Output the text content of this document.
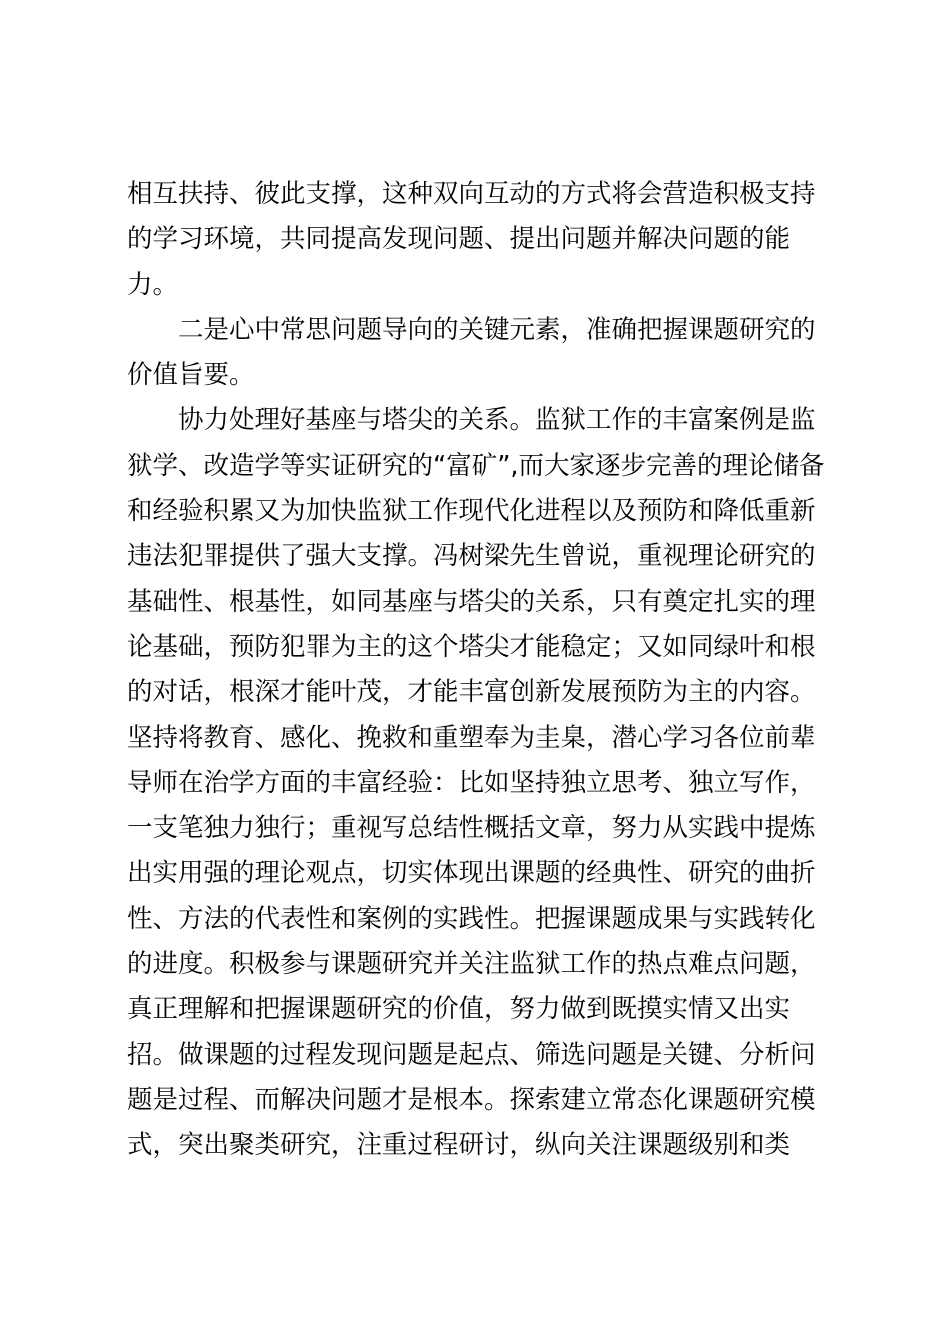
相互扶持、彼此支撑，这种双向互动的方式将会营造积极支持
的学习环境，共同提高发现问题、提出问题并解决问题的能
力。
二是心中常思问题导向的关键元素，准确把握课题研究的
价值旨要。
协力处理好基座与塔尖的关系。监狱工作的丰富案例是监
狱学、改造学等实证研究的“富矿”,而大家逐步完善的理论储备
和经验积累又为加快监狱工作现代化进程以及预防和降低重新
违法犯罪提供了强大支撑。冯树梁先生曾说，重视理论研究的
基础性、根基性，如同基座与塔尖的关系，只有奠定扎实的理
论基础，预防犯罪为主的这个塔尖才能稳定；又如同绿叶和根
的对话，根深才能叶茂，才能丰富创新发展预防为主的内容。
坚持将教育、感化、挽救和重塑奉为圭臬，潜心学习各位前辈
导师在治学方面的丰富经验：比如坚持独立思考、独立写作，
一支笔独力独行；重视写总结性概括文章，努力从实践中提炼
出实用强的理论观点，切实体现出课题的经典性、研究的曲折
性、方法的代表性和案例的实践性。把握课题成果与实践转化
的进度。积极参与课题研究并关注监狱工作的热点难点问题，
真正理解和把握课题研究的价值，努力做到既摸实情又出实
招。做课题的过程发现问题是起点、筛选问题是关键、分析问
题是过程、而解决问题才是根本。探索建立常态化课题研究模
式，突出聚类研究，注重过程研讨，纵向关注课题级别和类
